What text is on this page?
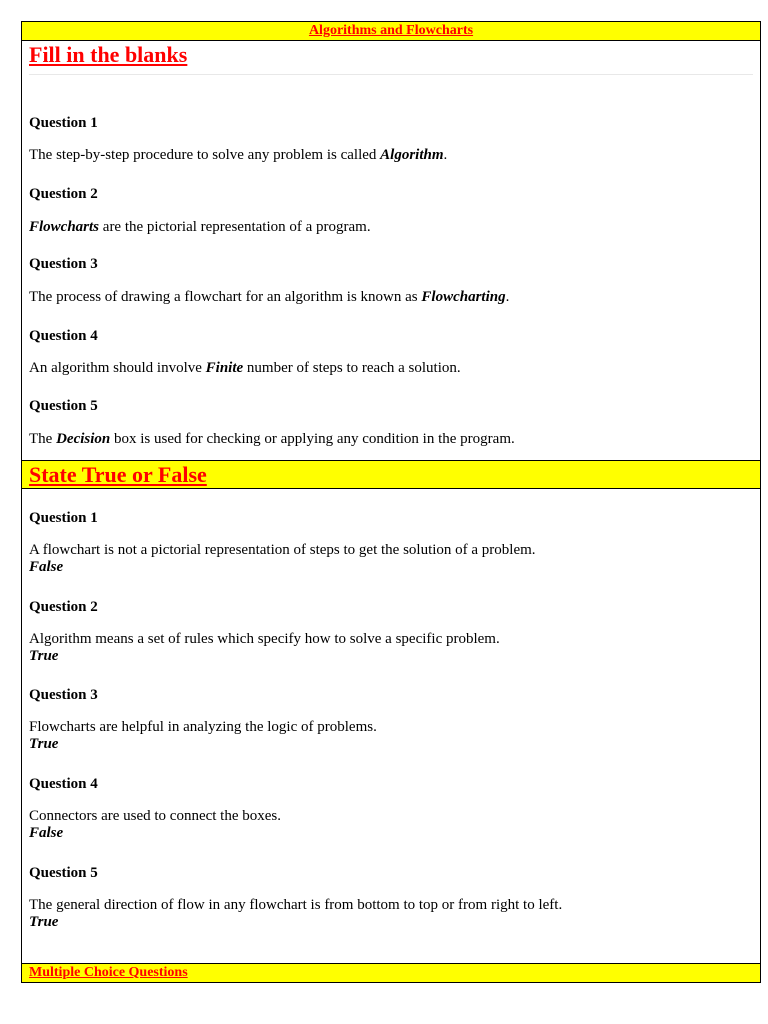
Algorithms and Flowcharts
Fill in the blanks

Question 1

The step-by-step procedure to solve any problem is called Algorithm.

Question 2

Flowcharts are the pictorial representation of a program.

Question 3

The process of drawing a flowchart for an algorithm is known as Flowcharting.

Question 4

An algorithm should involve Finite number of steps to reach a solution.

Question 5

The Decision box is used for checking or applying any condition in the program.

State True or False

Question 1

A flowchart is not a pictorial representation of steps to get the solution of a problem.

False

Question 2

Algorithm means a set of rules which specify how to solve a specific problem.

True

Question 3

Flowcharts are helpful in analyzing the logic of problems.

True

Question 4

Connectors are used to connect the boxes.

False

Question 5

The general direction of flow in any flowchart is from bottom to top or from right to left.

True

Multiple Choice Questions
